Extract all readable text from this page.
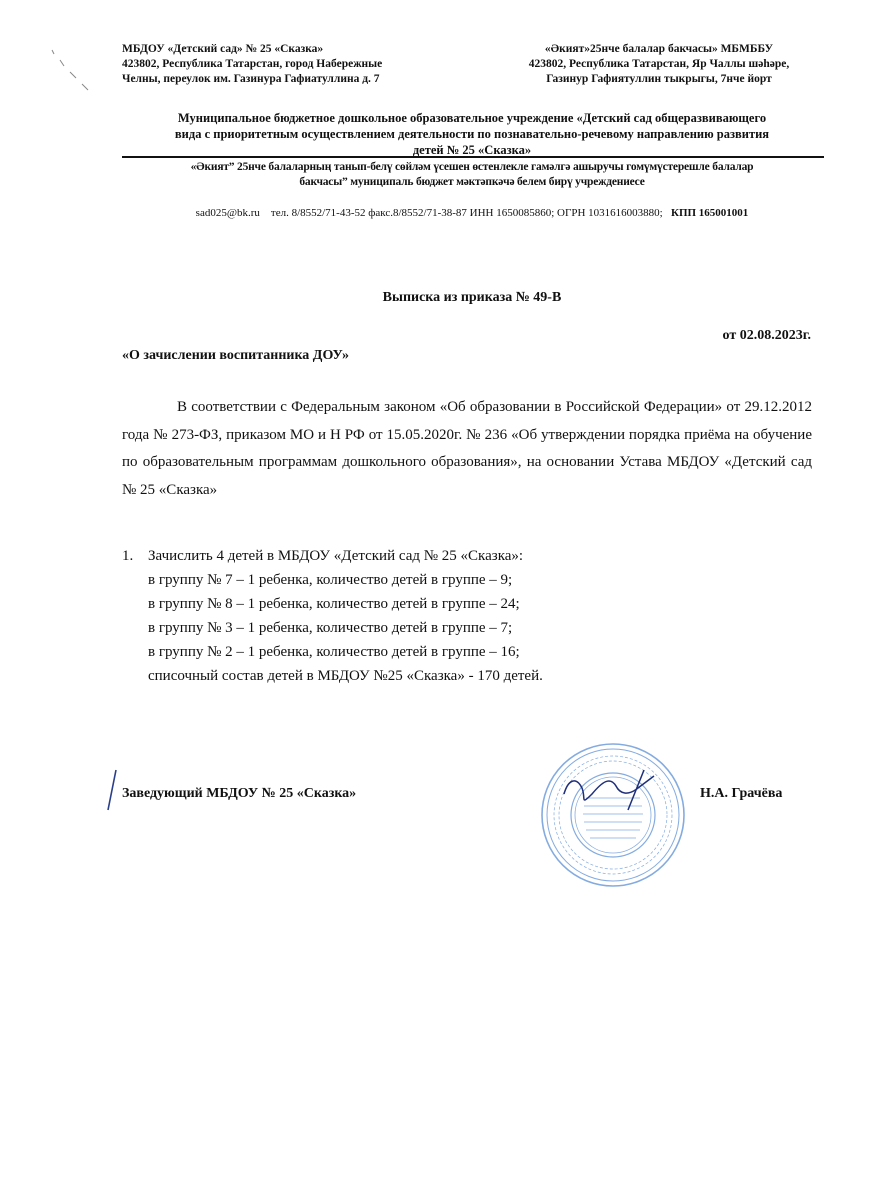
МБДОУ «Детский сад» № 25 «Сказка»
423802, Республика Татарстан, город Набережные
Челны, переулок им. Газинура Гафиатуллина д. 7
«Әкият»25нче балалар бакчасы» МБМББУ
423802, Республика Татарстан, Яр Чаллы шәһәре,
Газинур Гафиятуллин тыкрыгы, 7нче йорт
Муниципальное бюджетное дошкольное образовательное учреждение «Детский сад общеразвивающего
вида с приоритетным осуществлением деятельности по познавательно-речевому направлению развития
детей № 25 «Сказка»
«Әкият” 25нче балаларның танып-белү сөйләм үсешен өстенлекле гамәлгә ашыручы гомүмүстерешле балалар
бакчасы” муниципаль бюджет мәктәпкәчә белем бирү учреждениесе
sad025@bk.ru тел. 8/8552/71-43-52 факс.8/8552/71-38-87 ИНН 1650085860; ОГРН 1031616003880; КПП 165001001
Выписка из приказа № 49-В
от 02.08.2023г.
«О зачислении воспитанника ДОУ»
В соответствии с Федеральным законом «Об образовании в Российской Федерации» от 29.12.2012 года № 273-ФЗ, приказом МО и Н РФ от 15.05.2020г. № 236 «Об утверждении порядка приёма на обучение по образовательным программам дошкольного образования», на основании Устава МБДОУ «Детский сад № 25 «Сказка»
1. Зачислить 4 детей в МБДОУ «Детский сад № 25 «Сказка»:
в группу № 7 – 1 ребенка, количество детей в группе – 9;
в группу № 8 – 1 ребенка, количество детей в группе – 24;
в группу № 3 – 1 ребенка, количество детей в группе – 7;
в группу № 2 – 1 ребенка, количество детей в группе – 16;
списочный состав детей в МБДОУ №25 «Сказка» - 170 детей.
Заведующий МБДОУ № 25 «Сказка»	Н.А. Грачёва
